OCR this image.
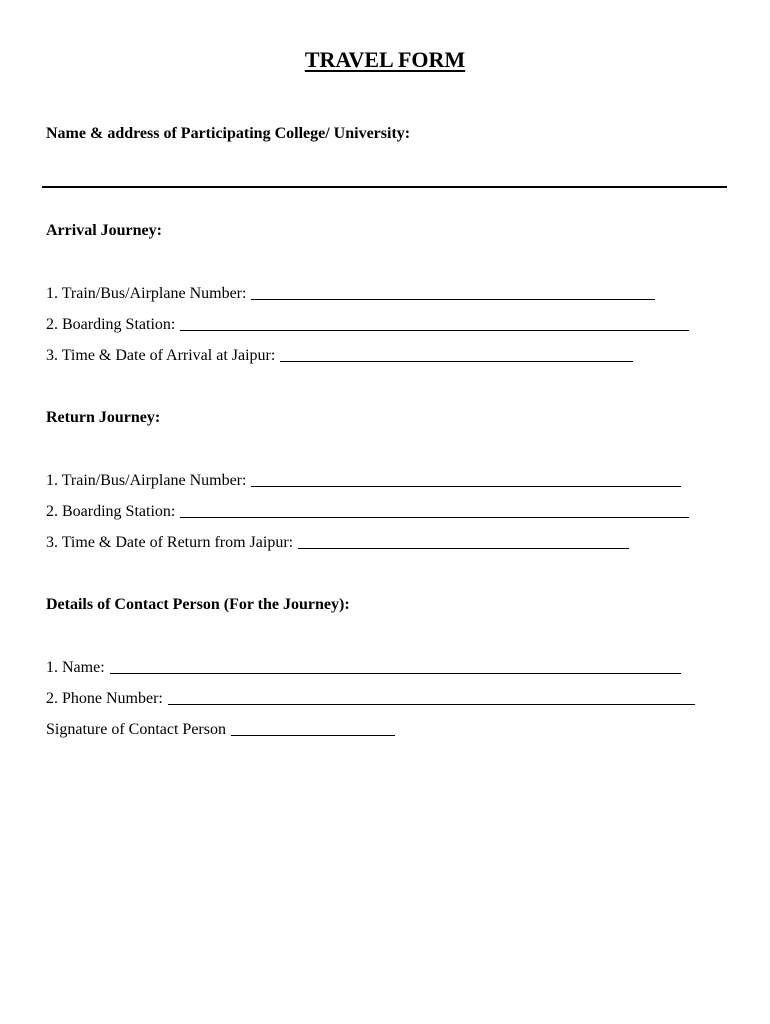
TRAVEL FORM
Name & address of Participating College/ University:
Arrival Journey:
1. Train/Bus/Airplane Number:
2. Boarding Station:
3. Time & Date of Arrival at Jaipur:
Return Journey:
1. Train/Bus/Airplane Number:
2. Boarding Station:
3. Time & Date of Return from Jaipur:
Details of Contact Person (For the Journey):
1. Name:
2. Phone Number:
Signature of Contact Person
